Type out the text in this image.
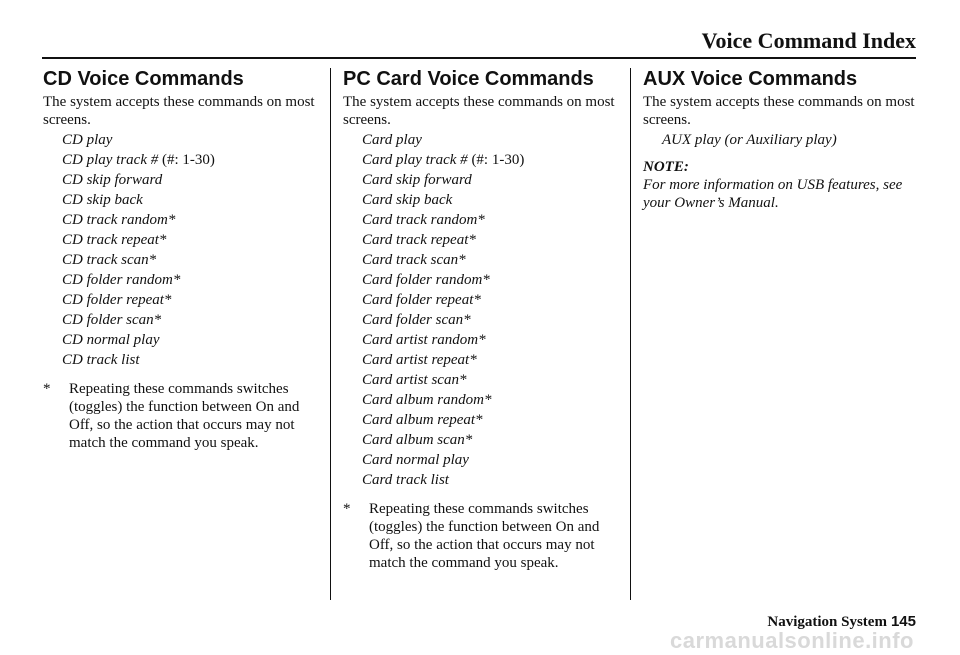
Voice Command Index
CD Voice Commands

The system accepts these commands on most screens.

CD play
CD play track # (#: 1-30)
CD skip forward
CD skip back
CD track random*
CD track repeat*
CD track scan*
CD folder random*
CD folder repeat*
CD folder scan*
CD normal play
CD track list

* Repeating these commands switches (toggles) the function between On and Off, so the action that occurs may not match the command you speak.

PC Card Voice Commands

The system accepts these commands on most screens.

Card play
Card play track # (#: 1-30)
Card skip forward
Card skip back
Card track random*
Card track repeat*
Card track scan*
Card folder random*
Card folder repeat*
Card folder scan*
Card artist random*
Card artist repeat*
Card artist scan*
Card album random*
Card album repeat*
Card album scan*
Card normal play
Card track list

* Repeating these commands switches (toggles) the function between On and Off, so the action that occurs may not match the command you speak.

AUX Voice Commands

The system accepts these commands on most screens.

AUX play (or Auxiliary play)

NOTE:

For more information on USB features, see your Owner’s Manual.

Navigation System 145
carmanualsonline.info
